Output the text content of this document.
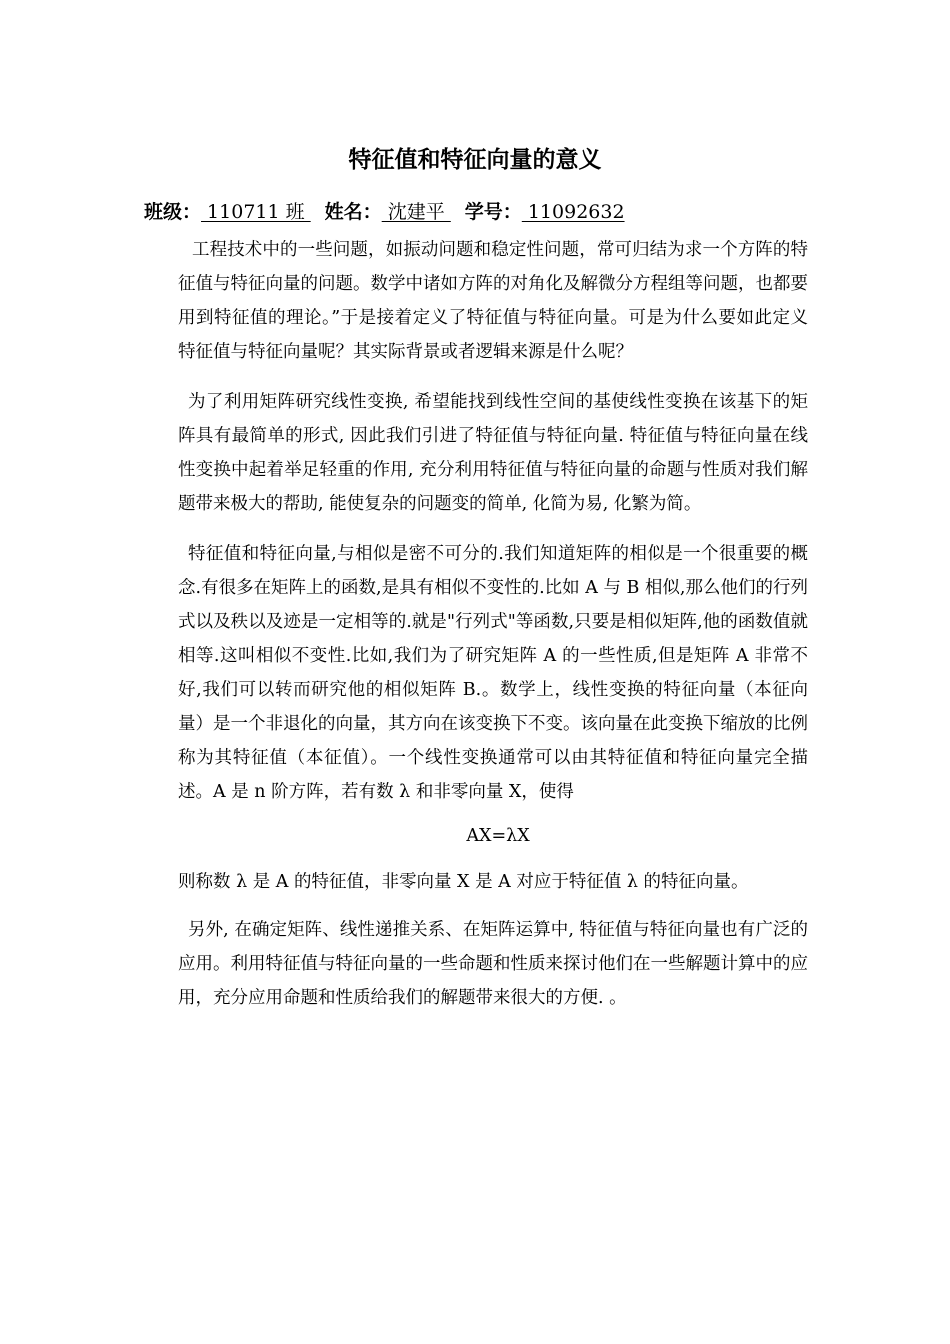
特征值和特征向量的意义
班级： 110711 班 姓名： 沈建平 学号： 11092632

工程技术中的一些问题，如振动问题和稳定性问题，常可归结为求一个方阵的特征值与特征向量的问题。数学中诸如方阵的对角化及解微分方程组等问题，也都要用到特征值的理论。”于是接着定义了特征值与特征向量。可是为什么要如此定义特征值与特征向量呢？其实际背景或者逻辑来源是什么呢？

为了利用矩阵研究线性变换, 希望能找到线性空间的基使线性变换在该基下的矩阵具有最简单的形式, 因此我们引进了特征值与特征向量. 特征值与特征向量在线性变换中起着举足轻重的作用, 充分利用特征值与特征向量的命题与性质对我们解题带来极大的帮助, 能使复杂的问题变的简单, 化简为易, 化繁为简。

特征值和特征向量,与相似是密不可分的.我们知道矩阵的相似是一个很重要的概念.有很多在矩阵上的函数,是具有相似不变性的.比如 A 与 B 相似,那么他们的行列式以及秩以及迹是一定相等的.就是"行列式"等函数,只要是相似矩阵,他的函数值就相等.这叫相似不变性.比如,我们为了研究矩阵 A 的一些性质,但是矩阵 A 非常不好,我们可以转而研究他的相似矩阵 B.。数学上，线性变换的特征向量（本征向量）是一个非退化的向量，其方向在该变换下不变。该向量在此变换下缩放的比例称为其特征值（本征值）。一个线性变换通常可以由其特征值和特征向量完全描述。A 是 n 阶方阵，若有数 λ 和非零向量 X，使得

AX=λX

则称数 λ 是 A 的特征值，非零向量 X 是 A 对应于特征值 λ 的特征向量。

另外, 在确定矩阵、线性递推关系、在矩阵运算中, 特征值与特征向量也有广泛的应用。利用特征值与特征向量的一些命题和性质来探讨他们在一些解题计算中的应用，充分应用命题和性质给我们的解题带来很大的方便. 。
